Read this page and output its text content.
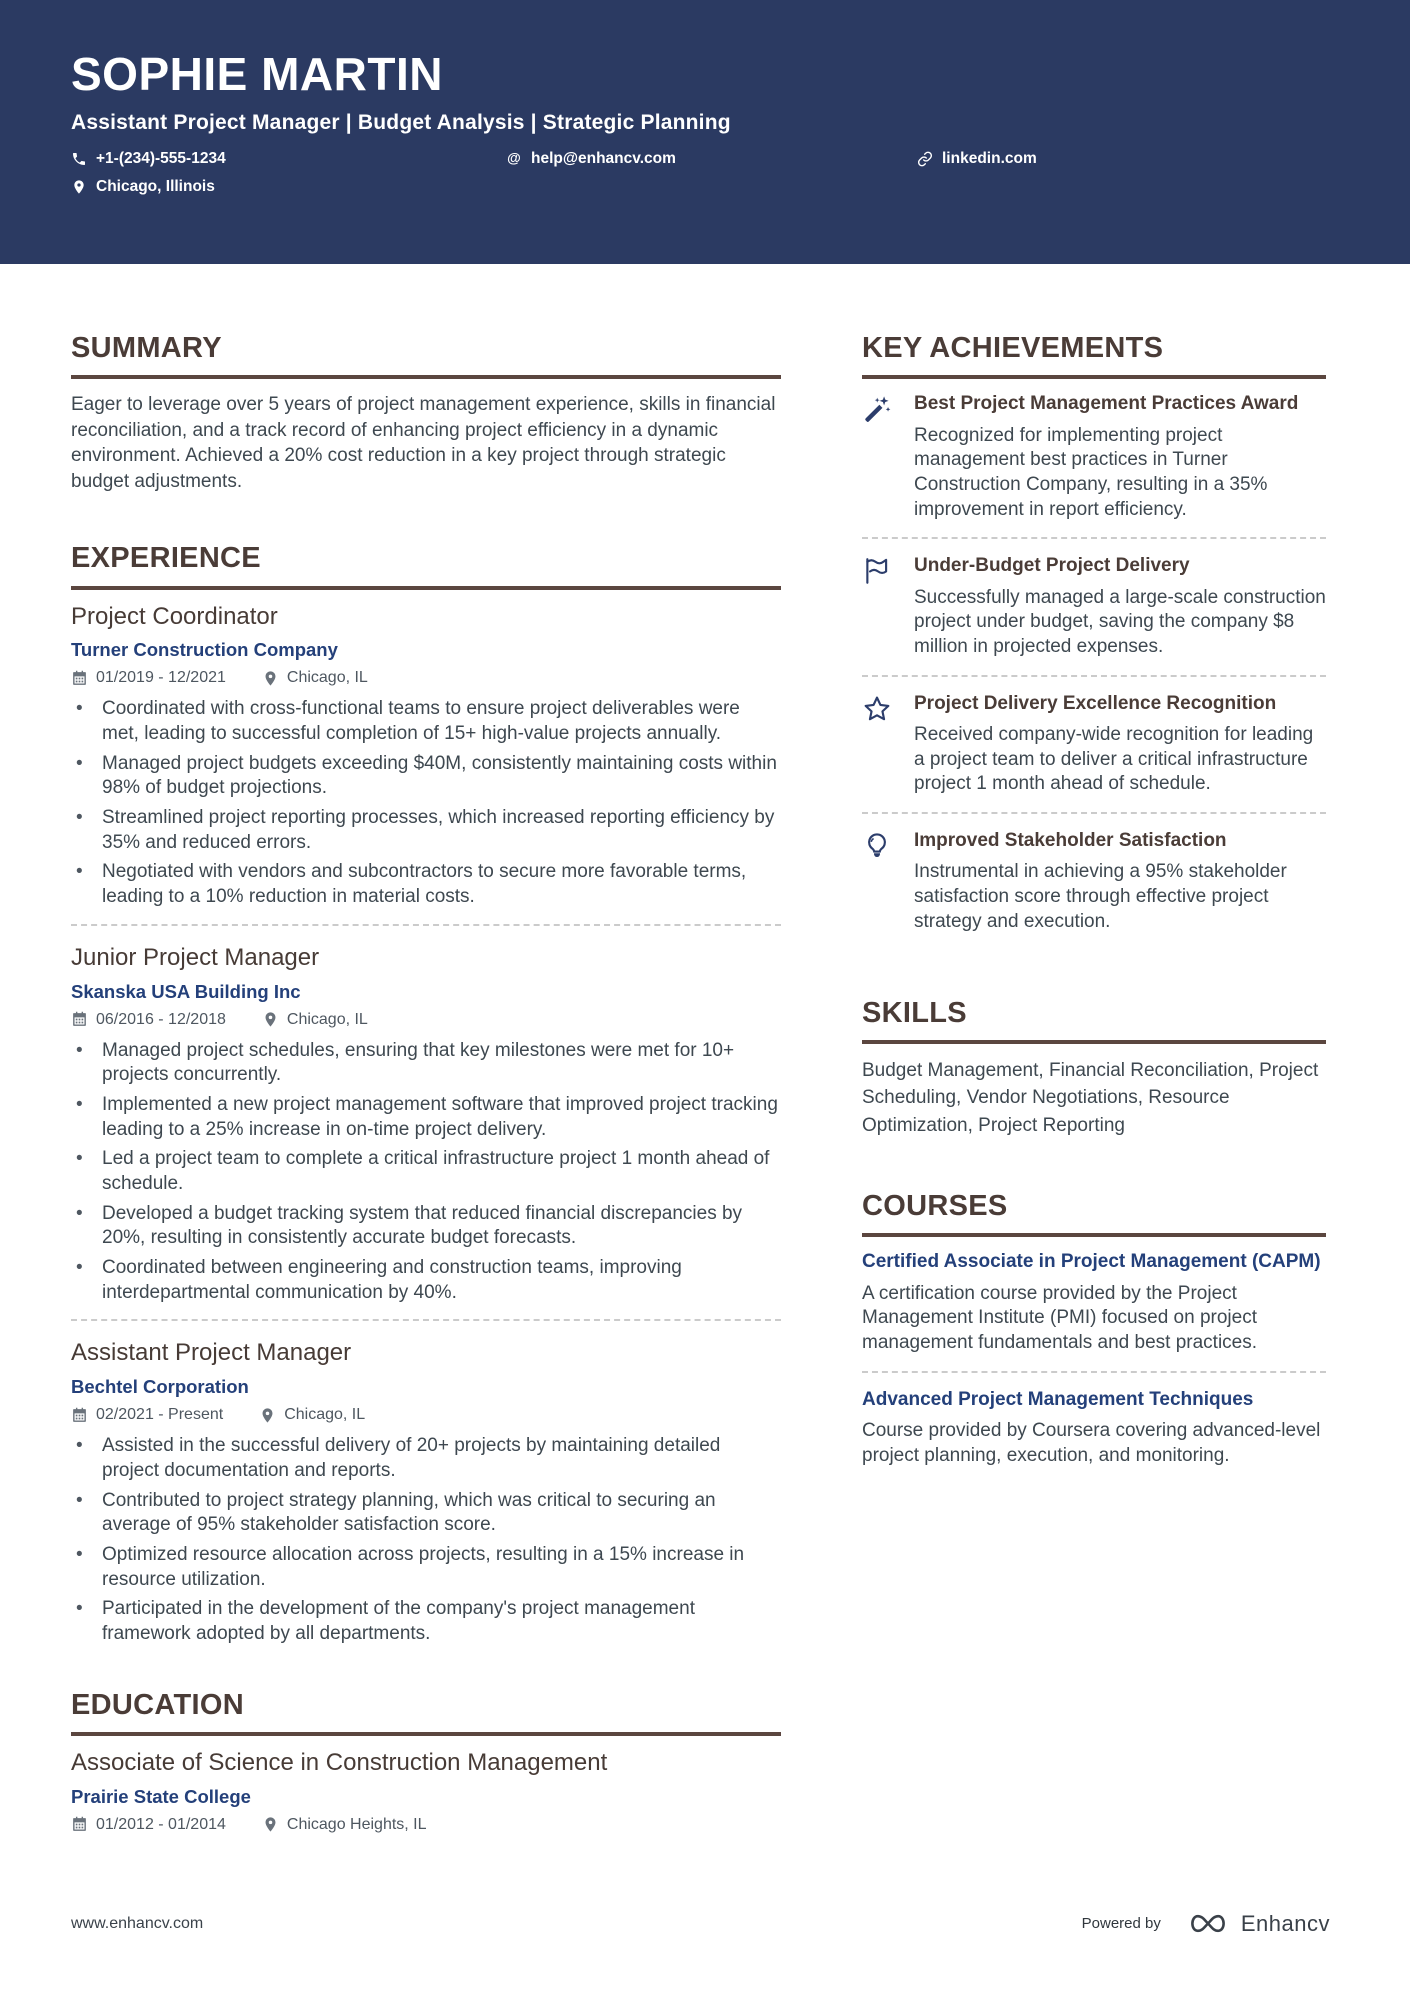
SOPHIE MARTIN
Assistant Project Manager | Budget Analysis | Strategic Planning
+1-(234)-555-1234	@ help@enhancv.com	linkedin.com
Chicago, Illinois
SUMMARY

Eager to leverage over 5 years of project management experience, skills in financial reconciliation, and a track record of enhancing project efficiency in a dynamic environment. Achieved a 20% cost reduction in a key project through strategic budget adjustments.

EXPERIENCE
Project Coordinator
Turner Construction Company
01/2019 - 12/2021	Chicago, IL
•	Coordinated with cross-functional teams to ensure project deliverables were met, leading to successful completion of 15+ high-value projects annually.
•	Managed project budgets exceeding $40M, consistently maintaining costs within 98% of budget projections.
•	Streamlined project reporting processes, which increased reporting efficiency by 35% and reduced errors.
•	Negotiated with vendors and subcontractors to secure more favorable terms, leading to a 10% reduction in material costs.
Junior Project Manager
Skanska USA Building Inc
06/2016 - 12/2018	Chicago, IL
•	Managed project schedules, ensuring that key milestones were met for 10+ projects concurrently.
•	Implemented a new project management software that improved project tracking leading to a 25% increase in on-time project delivery.
•	Led a project team to complete a critical infrastructure project 1 month ahead of schedule.
•	Developed a budget tracking system that reduced financial discrepancies by 20%, resulting in consistently accurate budget forecasts.
•	Coordinated between engineering and construction teams, improving interdepartmental communication by 40%.
Assistant Project Manager
Bechtel Corporation
02/2021 - Present	Chicago, IL
•	Assisted in the successful delivery of 20+ projects by maintaining detailed project documentation and reports.
•	Contributed to project strategy planning, which was critical to securing an average of 95% stakeholder satisfaction score.
•	Optimized resource allocation across projects, resulting in a 15% increase in resource utilization.
•	Participated in the development of the company's project management framework adopted by all departments.
EDUCATION
Associate of Science in Construction Management
Prairie State College
01/2012 - 01/2014	Chicago Heights, IL
KEY ACHIEVEMENTS
Best Project Management Practices Award
Recognized for implementing project management best practices in Turner Construction Company, resulting in a 35% improvement in report efficiency.
Under-Budget Project Delivery
Successfully managed a large-scale construction project under budget, saving the company $8 million in projected expenses.
Project Delivery Excellence Recognition
Received company-wide recognition for leading a project team to deliver a critical infrastructure project 1 month ahead of schedule.
Improved Stakeholder Satisfaction
Instrumental in achieving a 95% stakeholder satisfaction score through effective project strategy and execution.
SKILLS

Budget Management, Financial Reconciliation, Project Scheduling, Vendor Negotiations, Resource Optimization, Project Reporting

COURSES
Certified Associate in Project Management (CAPM)
A certification course provided by the Project Management Institute (PMI) focused on project management fundamentals and best practices.
Advanced Project Management Techniques
Course provided by Coursera covering advanced-level project planning, execution, and monitoring.
www.enhancv.com	Powered by	Enhancv
